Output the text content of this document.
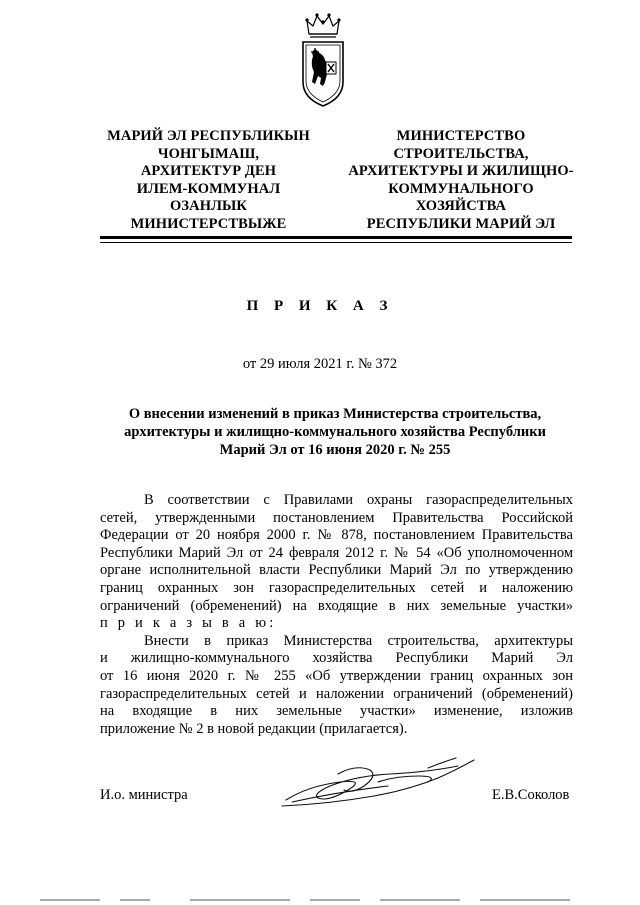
МАРИЙ ЭЛ РЕСПУБЛИКЫН
ЧОНГЫМАШ,
АРХИТЕКТУР ДЕН
ИЛЕМ-КОММУНАЛ
ОЗАНЛЫК
МИНИСТЕРСТВЫЖЕ
МИНИСТЕРСТВО
СТРОИТЕЛЬСТВА,
АРХИТЕКТУРЫ И ЖИЛИЩНО-
КОММУНАЛЬНОГО
ХОЗЯЙСТВА
РЕСПУБЛИКИ МАРИЙ ЭЛ
П Р И К А З
от 29 июля 2021 г. № 372
О внесении изменений в приказ Министерства строительства,
архитектуры и жилищно-коммунального хозяйства Республики
Марий Эл от 16 июня 2020 г. № 255
В соответствии с Правилами охраны газораспределительных
сетей, утвержденными постановлением Правительства Российской
Федерации от 20 ноября 2000 г. № 878, постановлением Правительства
Республики Марий Эл от 24 февраля 2012 г. № 54 «Об уполномоченном
органе исполнительной власти Республики Марий Эл по утверждению
границ охранных зон газораспределительных сетей и наложению
ограничений (обременений) на входящие в них земельные участки»
п р и к а з ы в а ю:
Внести в приказ Министерства строительства, архитектуры
и жилищно-коммунального хозяйства Республики Марий Эл
от 16 июня 2020 г. № 255 «Об утверждении границ охранных зон
газораспределительных сетей и наложении ограничений (обременений)
на входящие в них земельные участки» изменение, изложив
приложение № 2 в новой редакции (прилагается).
И.о. министра	Е.В.Соколов
